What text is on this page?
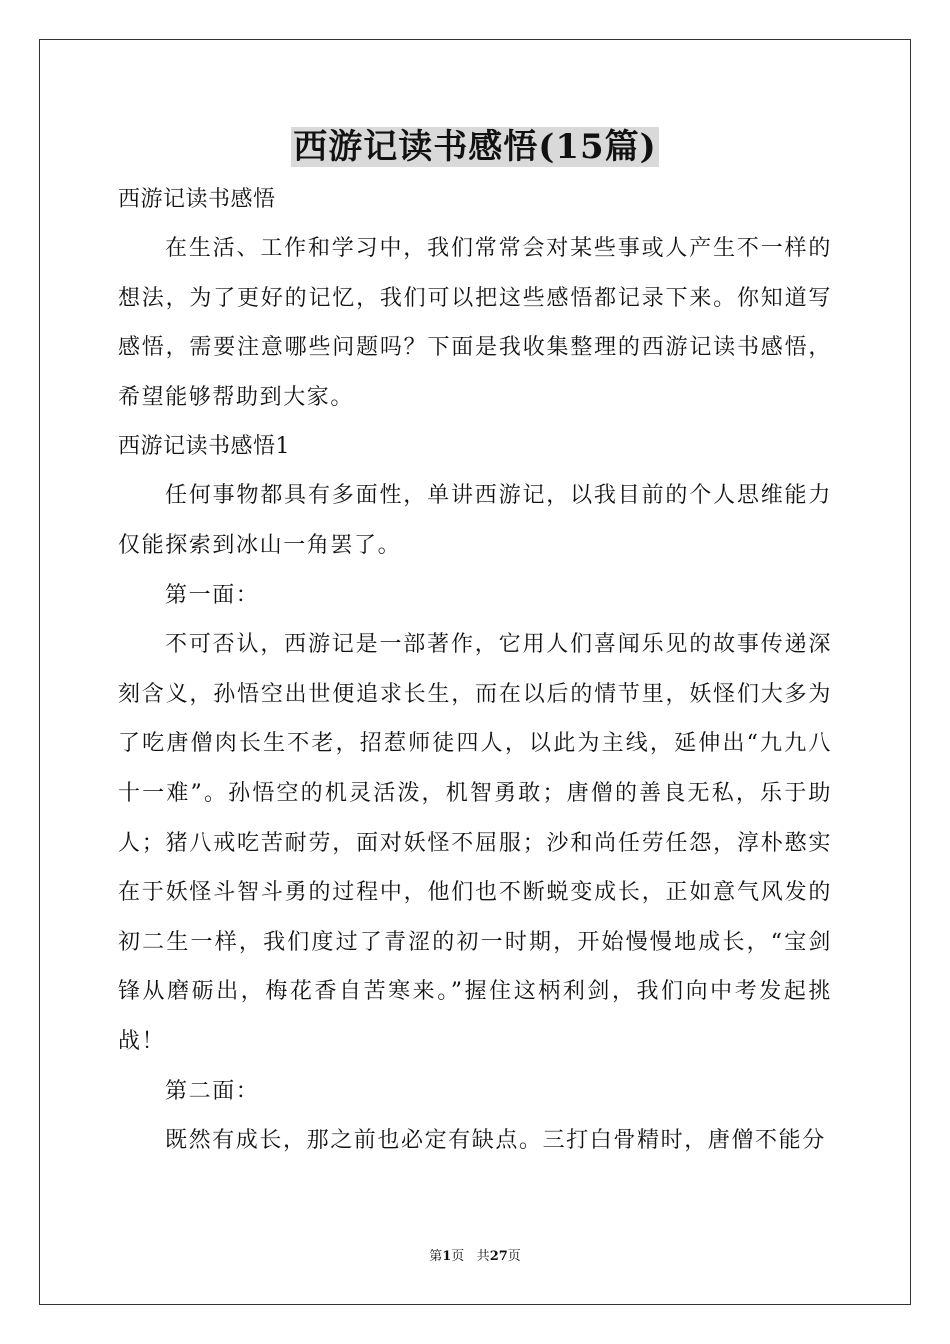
西游记读书感悟(15篇)

西游记读书感悟

在生活、工作和学习中，我们常常会对某些事或人产生不一样的想法，为了更好的记忆，我们可以把这些感悟都记录下来。你知道写感悟，需要注意哪些问题吗？下面是我收集整理的西游记读书感悟，希望能够帮助到大家。

西游记读书感悟1

任何事物都具有多面性，单讲西游记，以我目前的个人思维能力仅能探索到冰山一角罢了。

第一面：

不可否认，西游记是一部著作，它用人们喜闻乐见的故事传递深刻含义，孙悟空出世便追求长生，而在以后的情节里，妖怪们大多为了吃唐僧肉长生不老，招惹师徒四人，以此为主线，延伸出“九九八十一难”。孙悟空的机灵活泼，机智勇敢；唐僧的善良无私，乐于助人；猪八戒吃苦耐劳，面对妖怪不屈服；沙和尚任劳任怨，淳朴憨实在于妖怪斗智斗勇的过程中，他们也不断蜕变成长，正如意气风发的初二生一样，我们度过了青涩的初一时期，开始慢慢地成长，“宝剑锋从磨砺出，梅花香自苦寒来。”握住这柄利剑，我们向中考发起挑战！

第二面：

既然有成长，那之前也必定有缺点。三打白骨精时，唐僧不能分

第1页 共27页
